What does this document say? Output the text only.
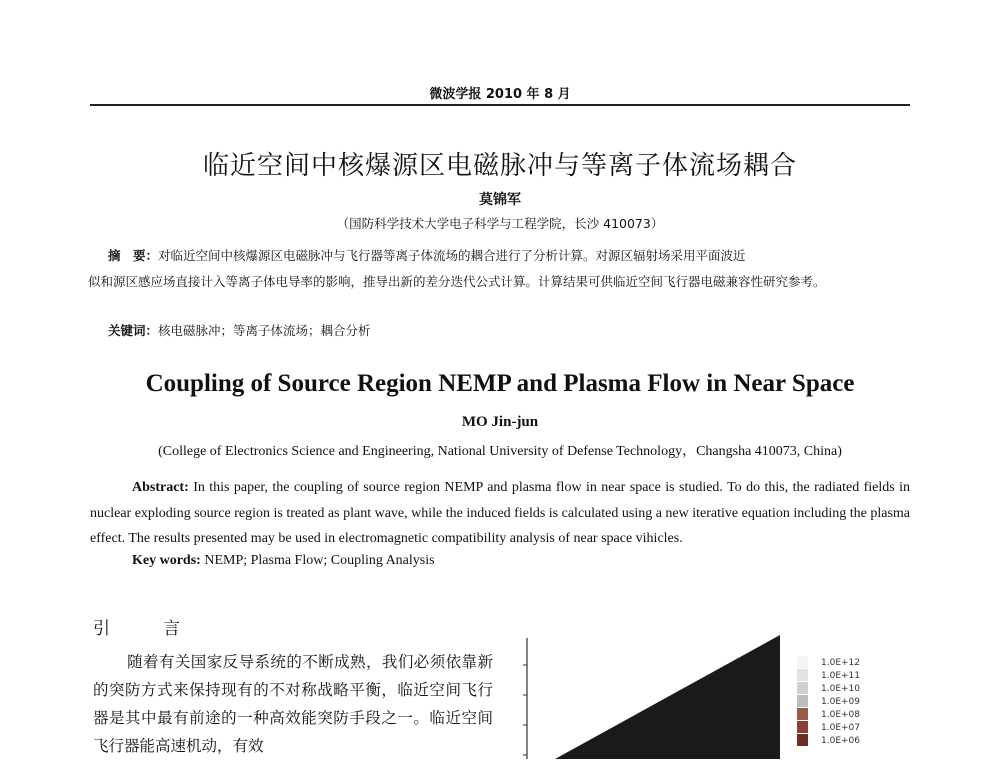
微波学报 2010 年 8 月
临近空间中核爆源区电磁脉冲与等离子体流场耦合
莫锦军
（国防科学技术大学电子科学与工程学院，长沙 410073）
摘　要：对临近空间中核爆源区电磁脉冲与飞行器等离子体流场的耦合进行了分析计算。对源区辐射场采用平面波近
似和源区感应场直接计入等离子体电导率的影响，推导出新的差分迭代公式计算。计算结果可供临近空间飞行器电磁兼容性研究参考。
关键词：核电磁脉冲；等离子体流场；耦合分析
Coupling of Source Region NEMP and Plasma Flow in Near Space
MO Jin-jun
(College of Electronics Science and Engineering, National University of Defense Technology，Changsha 410073, China)

Abstract: In this paper, the coupling of source region NEMP and plasma flow in near space is studied. To do this, the radiated fields in nuclear exploding source region is treated as plant wave, while the induced fields is calculated using a new iterative equation including the plasma effect. The results presented may be used in electromagnetic compatibility analysis of near space vihicles.

Key words: NEMP; Plasma Flow; Coupling Analysis
引　言

随着有关国家反导系统的不断成熟，我们必须依靠新的突防方式来保持现有的不对称战略平衡，临近空间飞行器是其中最有前途的一种高效能突防手段之一。临近空间飞行器能高速机动，有效

1.0E+12
1.0E+11
1.0E+10
1.0E+09
1.0E+08
1.0E+07
1.0E+06
